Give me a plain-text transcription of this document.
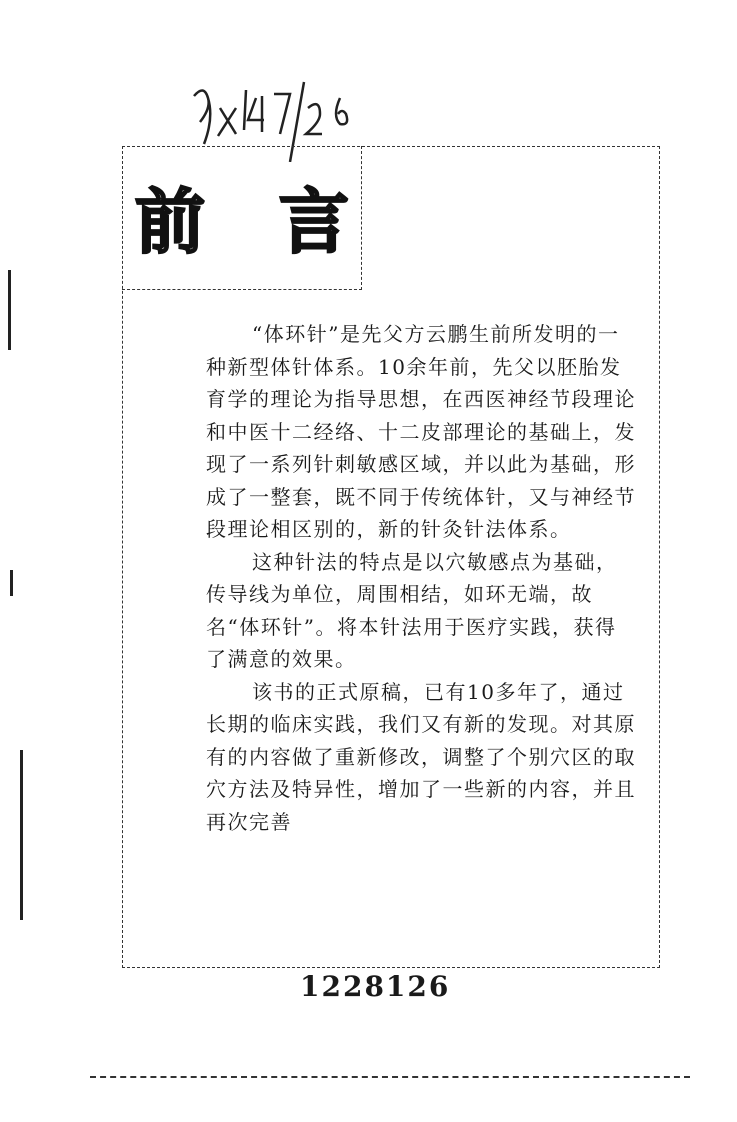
前 言

“体环针”是先父方云鹏生前所发明的一种新型体针体系。10余年前，先父以胚胎发育学的理论为指导思想，在西医神经节段理论和中医十二经络、十二皮部理论的基础上，发现了一系列针刺敏感区域，并以此为基础，形成了一整套，既不同于传统体针，又与神经节段理论相区别的，新的针灸针法体系。

这种针法的特点是以穴敏感点为基础，传导线为单位，周围相结，如环无端，故名“体环针”。将本针法用于医疗实践，获得了满意的效果。

该书的正式原稿，已有10多年了，通过长期的临床实践，我们又有新的发现。对其原有的内容做了重新修改，调整了个别穴区的取穴方法及特异性，增加了一些新的内容，并且再次完善

1228126
